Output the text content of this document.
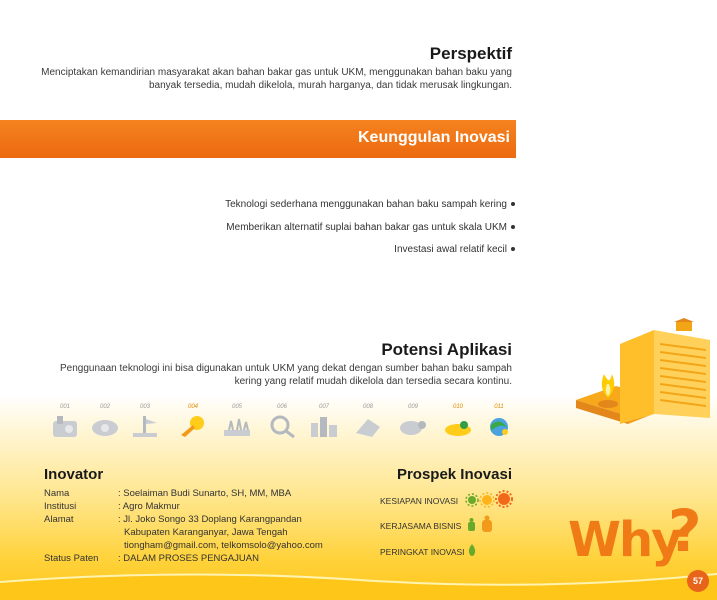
Perspektif
Menciptakan kemandirian masyarakat akan bahan bakar gas untuk UKM, menggunakan bahan baku yang
banyak tersedia, mudah dikelola, murah harganya, dan tidak merusak lingkungan.
Keunggulan Inovasi
Teknologi sederhana menggunakan bahan baku sampah kering
Memberikan alternatif suplai bahan bakar gas untuk skala UKM
Investasi awal relatif kecil
Potensi Aplikasi
Penggunaan teknologi ini bisa digunakan untuk UKM yang dekat dengan sumber bahan baku sampah
kering yang relatif mudah dikelola dan tersedia secara kontinu.
001	002	003	004	005	006	007	008	009	010	011
Inovator
Nama	: Soelaiman Budi Sunarto, SH, MM, MBA
Institusi	: Agro Makmur
Alamat	: Jl. Joko Songo 33 Doplang Karangpandan
Kabupaten Karanganyar, Jawa Tengah
tiongham@gmail.com, telkomsolo@yahoo.com
Status Paten : DALAM PROSES PENGAJUAN
Prospek Inovasi
KESIAPAN INOVASI
KERJASAMA BISNIS
PERINGKAT INOVASI Why
?
57
